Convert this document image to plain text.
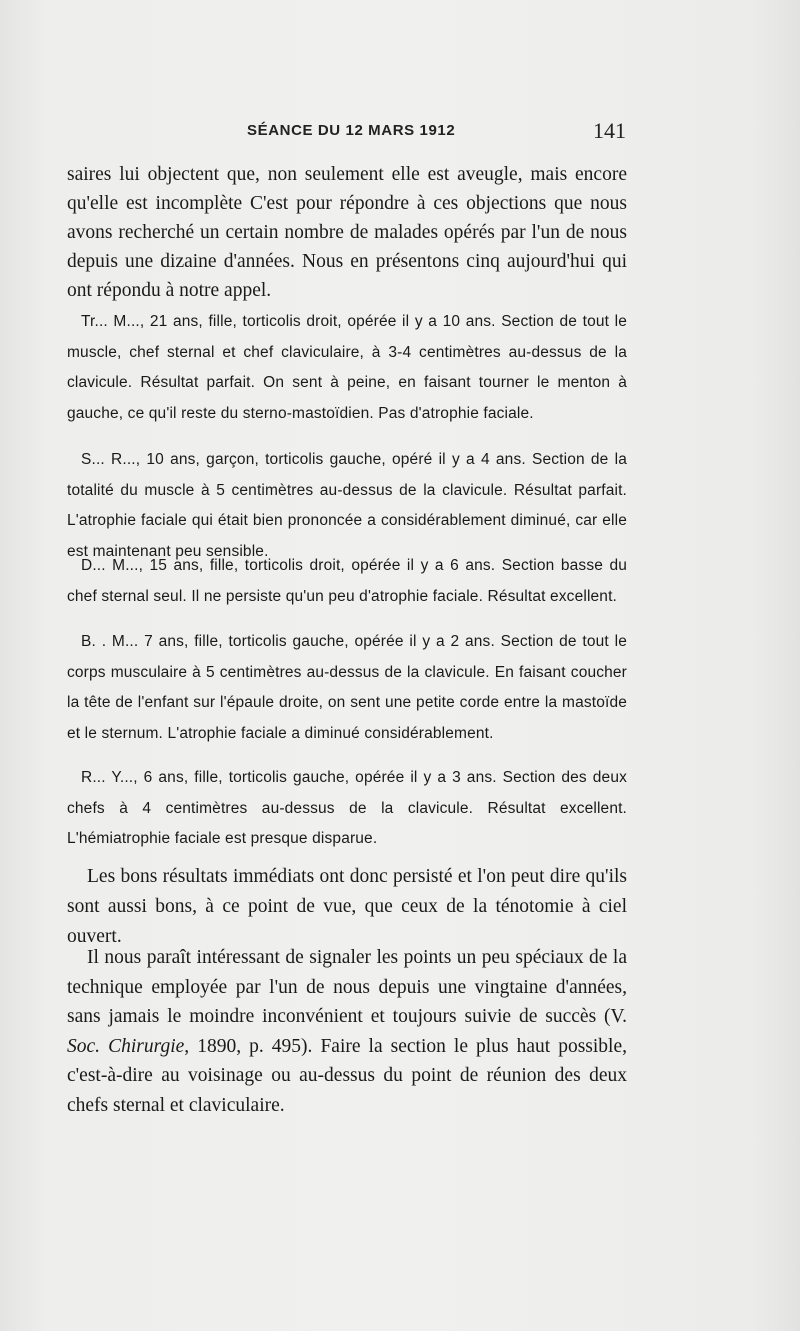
SÉANCE DU 12 MARS 1912	141

saires lui objectent que, non seulement elle est aveugle, mais encore qu'elle est incomplète C'est pour répondre à ces objections que nous avons recherché un certain nombre de malades opérés par l'un de nous depuis une dizaine d'années. Nous en présentons cinq aujourd'hui qui ont répondu à notre appel.

Tr... M..., 21 ans, fille, torticolis droit, opérée il y a 10 ans. Section de tout le muscle, chef sternal et chef claviculaire, à 3-4 centimètres au-dessus de la clavicule. Résultat parfait. On sent à peine, en faisant tourner le menton à gauche, ce qu'il reste du sterno-mastoïdien. Pas d'atrophie faciale.

S... R..., 10 ans, garçon, torticolis gauche, opéré il y a 4 ans. Section de la totalité du muscle à 5 centimètres au-dessus de la clavicule. Résultat parfait. L'atrophie faciale qui était bien prononcée a considérablement diminué, car elle est maintenant peu sensible.

D... M..., 15 ans, fille, torticolis droit, opérée il y a 6 ans. Section basse du chef sternal seul. Il ne persiste qu'un peu d'atrophie faciale. Résultat excellent.

B. . M... 7 ans, fille, torticolis gauche, opérée il y a 2 ans. Section de tout le corps musculaire à 5 centimètres au-dessus de la clavicule. En faisant coucher la tête de l'enfant sur l'épaule droite, on sent une petite corde entre la mastoïde et le sternum. L'atrophie faciale a diminué considérablement.

R... Y..., 6 ans, fille, torticolis gauche, opérée il y a 3 ans. Section des deux chefs à 4 centimètres au-dessus de la clavicule. Résultat excellent. L'hémiatrophie faciale est presque disparue.

Les bons résultats immédiats ont donc persisté et l'on peut dire qu'ils sont aussi bons, à ce point de vue, que ceux de la ténotomie à ciel ouvert.

Il nous paraît intéressant de signaler les points un peu spéciaux de la technique employée par l'un de nous depuis une vingtaine d'années, sans jamais le moindre inconvénient et toujours suivie de succès (V. Soc. Chirurgie, 1890, p. 495). Faire la section le plus haut possible, c'est-à-dire au voisinage ou au-dessus du point de réunion des deux chefs sternal et claviculaire.
